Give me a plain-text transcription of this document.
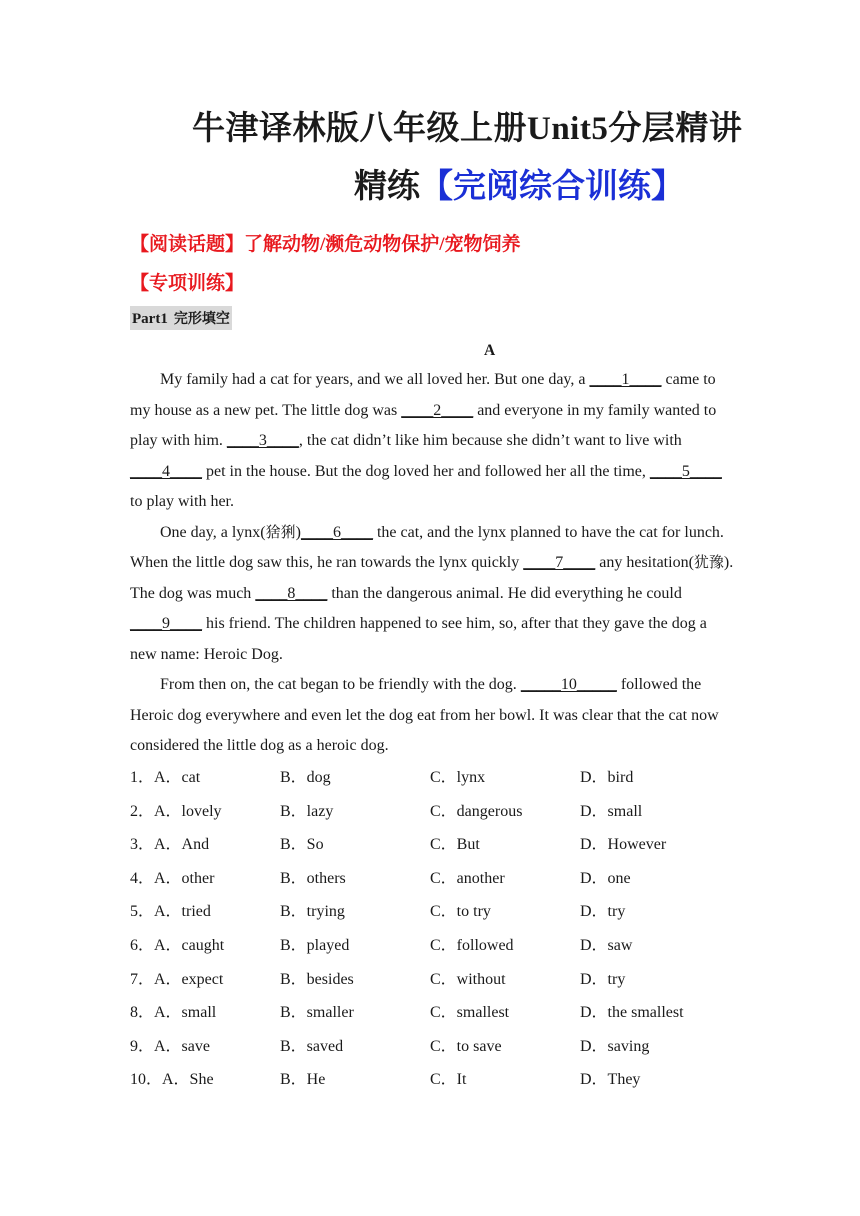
牛津译林版八年级上册Unit5分层精讲
精练【完阅综合训练】
【阅读话题】了解动物/濒危动物保护/宠物饲养
【专项训练】
Part1 完形填空
A

My family had a cat for years, and we all loved her. But one day, a ____1____ came to my house as a new pet. The little dog was ____2____ and everyone in my family wanted to play with him. ____3____, the cat didn’t like him because she didn’t want to live with ____4____ pet in the house. But the dog loved her and followed her all the time, ____5____ to play with her.

One day, a lynx(猞猁)____6____ the cat, and the lynx planned to have the cat for lunch. When the little dog saw this, he ran towards the lynx quickly ____7____ any hesitation(犹豫). The dog was much ____8____ than the dangerous animal. He did everything he could ____9____ his friend. The children happened to see him, so, after that they gave the dog a new name: Heroic Dog.

From then on, the cat began to be friendly with the dog. _____10_____ followed the Heroic dog everywhere and even let the dog eat from her bowl. It was clear that the cat now considered the little dog as a heroic dog.

1．A．cat	B．dog	C．lynx	D．bird
2．A．lovely	B．lazy	C．dangerous	D．small
3．A．And	B．So	C．But	D．However
4．A．other	B．others	C．another	D．one
5．A．tried	B．trying	C．to try	D．try
6．A．caught	B．played	C．followed	D．saw
7．A．expect	B．besides	C．without	D．try
8．A．small	B．smaller	C．smallest	D．the smallest
9．A．save	B．saved	C．to save	D．saving
10．A．She	B．He	C．It	D．They
